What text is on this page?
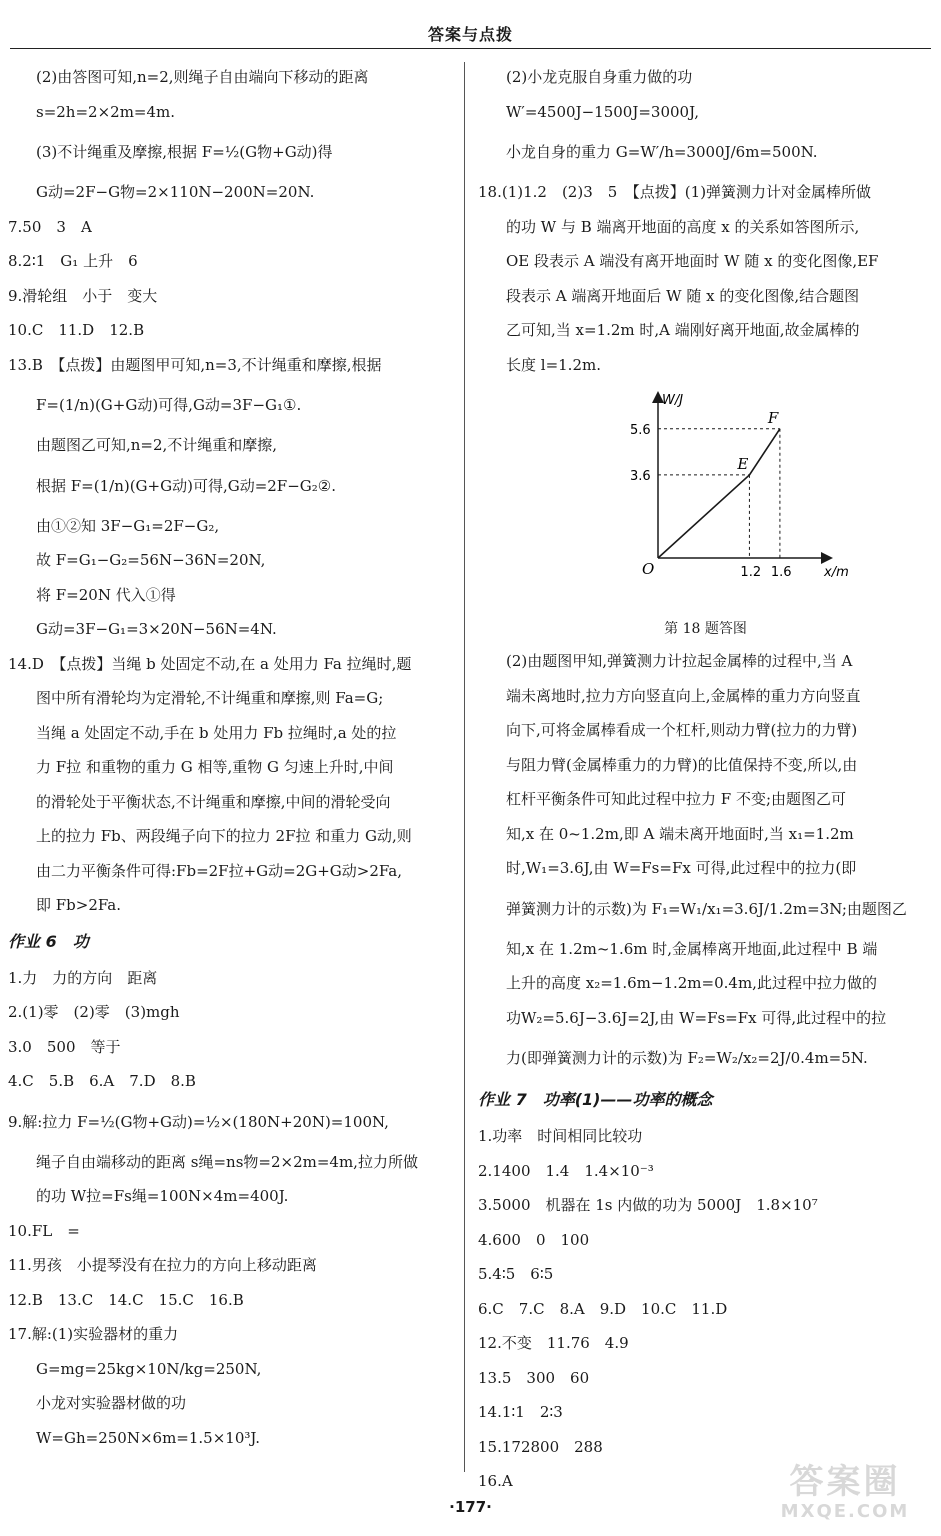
答案与点拨
(2)由答图可知,n=2,则绳子自由端向下移动的距离
s=2h=2×2m=4m.
(3)不计绳重及摩擦,根据 F=½(G物+G动)得
G动=2F−G物=2×110N−200N=20N.
7.50　3　A
8.2∶1　G₁ 上升　6
9.滑轮组　小于　变大
10.C　11.D　12.B
13.B　【点拨】由题图甲可知,n=3,不计绳重和摩擦,根据
F=(1/n)(G+G动)可得,G动=3F−G₁①.
由题图乙可知,n=2,不计绳重和摩擦,
根据 F=(1/n)(G+G动)可得,G动=2F−G₂②.
由①②知 3F−G₁=2F−G₂,
故 F=G₁−G₂=56N−36N=20N,
将 F=20N 代入①得
G动=3F−G₁=3×20N−56N=4N.
14.D　【点拨】当绳 b 处固定不动,在 a 处用力 Fa 拉绳时,题
图中所有滑轮均为定滑轮,不计绳重和摩擦,则 Fa=G;
当绳 a 处固定不动,手在 b 处用力 Fb 拉绳时,a 处的拉
力 F拉 和重物的重力 G 相等,重物 G 匀速上升时,中间
的滑轮处于平衡状态,不计绳重和摩擦,中间的滑轮受向
上的拉力 Fb、两段绳子向下的拉力 2F拉 和重力 G动,则
由二力平衡条件可得:Fb=2F拉+G动=2G+G动>2Fa,
即 Fb>2Fa.
作业 6　功
1.力　力的方向　距离
2.(1)零　(2)零　(3)mgh
3.0　500　等于
4.C　5.B　6.A　7.D　8.B
9.解:拉力 F=½(G物+G动)=½×(180N+20N)=100N,
绳子自由端移动的距离 s绳=ns物=2×2m=4m,拉力所做
的功 W拉=Fs绳=100N×4m=400J.
10.FL　=
11.男孩　小提琴没有在拉力的方向上移动距离
12.B　13.C　14.C　15.C　16.B
17.解:(1)实验器材的重力
G=mg=25kg×10N/kg=250N,
小龙对实验器材做的功
W=Gh=250N×6m=1.5×10³J.
(2)小龙克服自身重力做的功
W′=4500J−1500J=3000J,
小龙自身的重力 G=W′/h=3000J/6m=500N.
18.(1)1.2　(2)3　5　【点拨】(1)弹簧测力计对金属棒所做
的功 W 与 B 端离开地面的高度 x 的关系如答图所示,
OE 段表示 A 端没有离开地面时 W 随 x 的变化图像,EF
段表示 A 端离开地面后 W 随 x 的变化图像,结合题图
乙可知,当 x=1.2m 时,A 端刚好离开地面,故金属棒的
长度 l=1.2m.
O
E
F
1.2 1.6
3.6
5.6
x/m
W/J
第 18 题答图
(2)由题图甲知,弹簧测力计拉起金属棒的过程中,当 A
端未离地时,拉力方向竖直向上,金属棒的重力方向竖直
向下,可将金属棒看成一个杠杆,则动力臂(拉力的力臂)
与阻力臂(金属棒重力的力臂)的比值保持不变,所以,由
杠杆平衡条件可知此过程中拉力 F 不变;由题图乙可
知,x 在 0~1.2m,即 A 端未离开地面时,当 x₁=1.2m
时,W₁=3.6J,由 W=Fs=Fx 可得,此过程中的拉力(即
弹簧测力计的示数)为 F₁=W₁/x₁=3.6J/1.2m=3N;由题图乙
知,x 在 1.2m~1.6m 时,金属棒离开地面,此过程中 B 端
上升的高度 x₂=1.6m−1.2m=0.4m,此过程中拉力做的
功W₂=5.6J−3.6J=2J,由 W=Fs=Fx 可得,此过程中的拉
力(即弹簧测力计的示数)为 F₂=W₂/x₂=2J/0.4m=5N.
作业 7　功率(1)——功率的概念
1.功率　时间相同比较功
2.1400　1.4　1.4×10⁻³
3.5000　机器在 1s 内做的功为 5000J　1.8×10⁷
4.600　0　100
5.4∶5　6∶5
6.C　7.C　8.A　9.D　10.C　11.D
12.不变　11.76　4.9
13.5　300　60
14.1∶1　2∶3
15.172800　288
16.A
·177·
答案圈
MXQE.COM
